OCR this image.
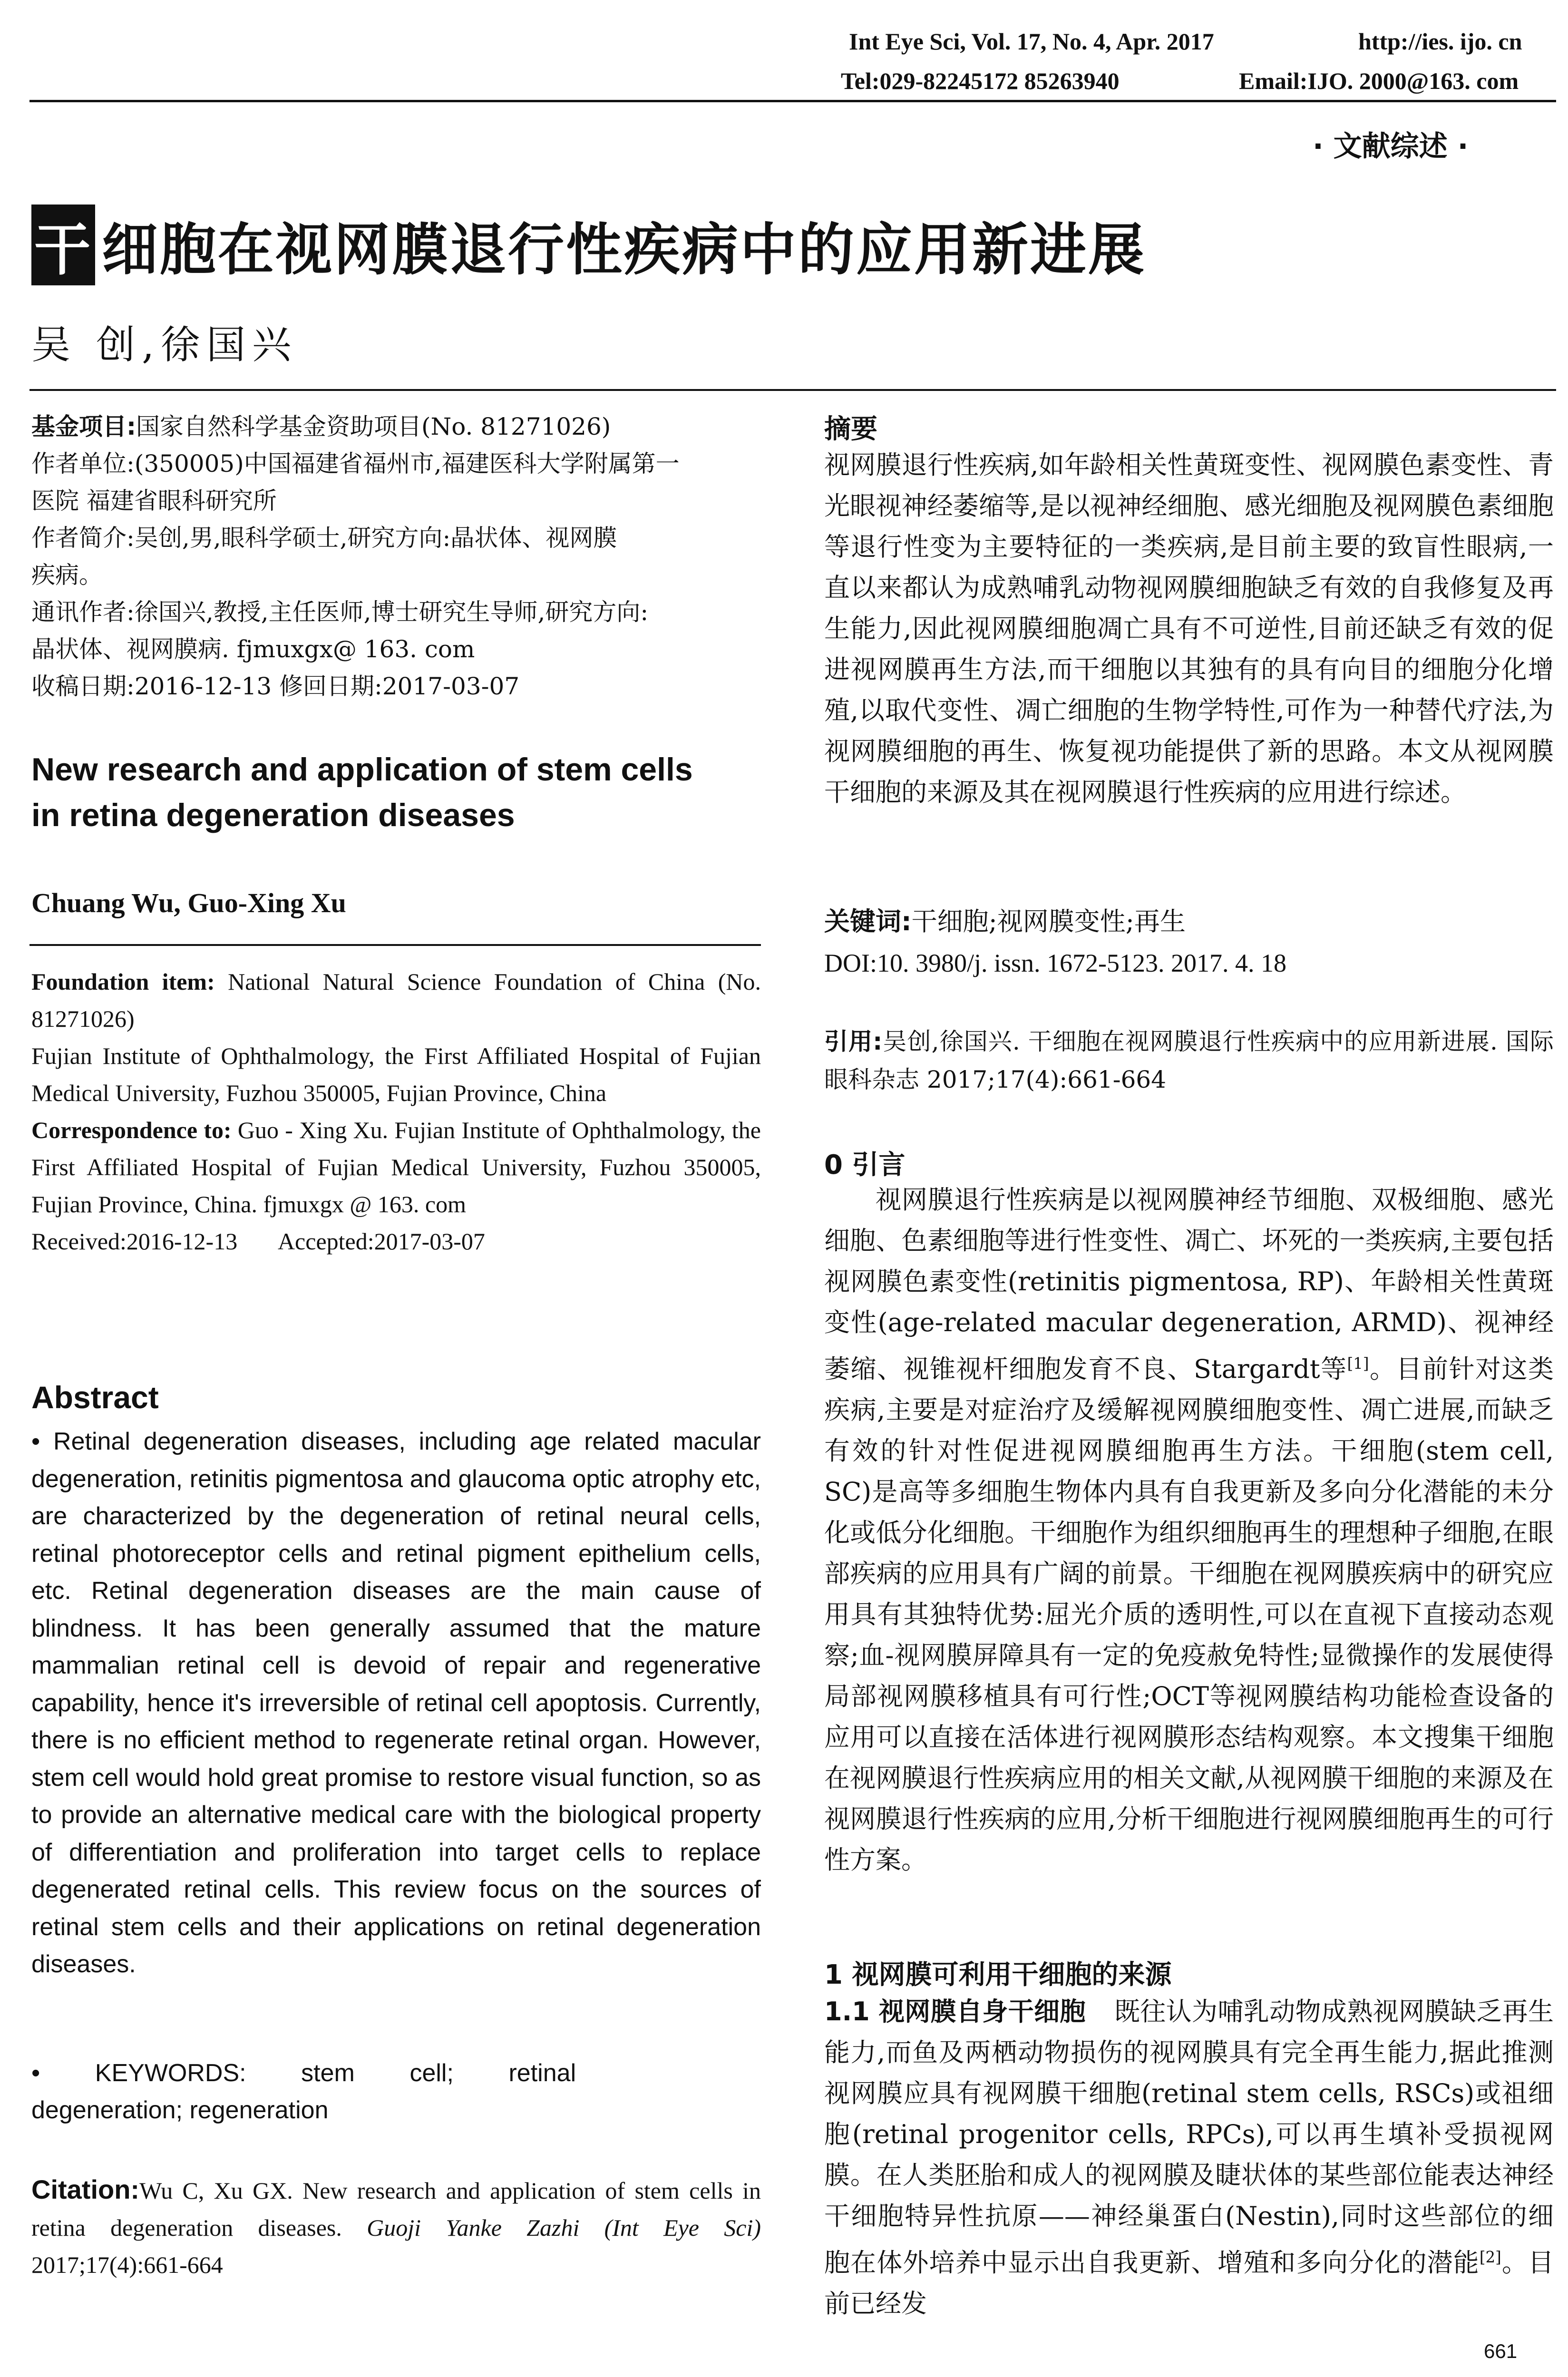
Int Eye Sci, Vol. 17, No. 4, Apr. 2017	http://ies. ijo. cn
Tel:029-82245172 85263940	Email:IJO. 2000@163. com
· 文献综述 ·
干 细胞在视网膜退行性疾病中的应用新进展
吴 创,徐国兴
基金项目:国家自然科学基金资助项目(No. 81271026)
作者单位:(350005)中国福建省福州市,福建医科大学附属第一
医院 福建省眼科研究所
作者简介:吴创,男,眼科学硕士,研究方向:晶状体、视网膜
疾病。
通讯作者:徐国兴,教授,主任医师,博士研究生导师,研究方向:
晶状体、视网膜病. fjmuxgx@ 163. com
收稿日期:2016-12-13 修回日期:2017-03-07
New research and application of stem cells
in retina degeneration diseases
Chuang Wu, Guo-Xing Xu
Foundation item: National Natural Science Foundation of China (No. 81271026)
Fujian Institute of Ophthalmology, the First Affiliated Hospital of Fujian Medical University, Fuzhou 350005, Fujian Province, China
Correspondence to: Guo - Xing Xu. Fujian Institute of Ophthalmology, the First Affiliated Hospital of Fujian Medical University, Fuzhou 350005, Fujian Province, China. fjmuxgx @ 163. com
Received:2016-12-13       Accepted:2017-03-07
Abstract
• Retinal degeneration diseases, including age related macular degeneration, retinitis pigmentosa and glaucoma optic atrophy etc, are characterized by the degeneration of retinal neural cells, retinal photoreceptor cells and retinal pigment epithelium cells, etc. Retinal degeneration diseases are the main cause of blindness. It has been generally assumed that the mature mammalian retinal cell is devoid of repair and regenerative capability, hence it's irreversible of retinal cell apoptosis. Currently, there is no efficient method to regenerate retinal organ. However, stem cell would hold great promise to restore visual function, so as to provide an alternative medical care with the biological property of differentiation and proliferation into target cells to replace degenerated retinal cells. This review focus on the sources of retinal stem cells and their applications on retinal degeneration diseases.
•        KEYWORDS:        stem        cell;        retinal
degeneration; regeneration
Citation:Wu C, Xu GX. New research and application of stem cells in retina degeneration diseases. Guoji Yanke Zazhi (Int Eye Sci) 2017;17(4):661-664
摘要
视网膜退行性疾病,如年龄相关性黄斑变性、视网膜色素变性、青光眼视神经萎缩等,是以视神经细胞、感光细胞及视网膜色素细胞等退行性变为主要特征的一类疾病,是目前主要的致盲性眼病,一直以来都认为成熟哺乳动物视网膜细胞缺乏有效的自我修复及再生能力,因此视网膜细胞凋亡具有不可逆性,目前还缺乏有效的促进视网膜再生方法,而干细胞以其独有的具有向目的细胞分化增殖,以取代变性、凋亡细胞的生物学特性,可作为一种替代疗法,为视网膜细胞的再生、恢复视功能提供了新的思路。本文从视网膜干细胞的来源及其在视网膜退行性疾病的应用进行综述。
关键词:干细胞;视网膜变性;再生
DOI:10. 3980/j. issn. 1672-5123. 2017. 4. 18
引用:吴创,徐国兴. 干细胞在视网膜退行性疾病中的应用新进展. 国际眼科杂志 2017;17(4):661-664
0 引言
视网膜退行性疾病是以视网膜神经节细胞、双极细胞、感光细胞、色素细胞等进行性变性、凋亡、坏死的一类疾病,主要包括视网膜色素变性(retinitis pigmentosa, RP)、年龄相关性黄斑变性(age-related macular degeneration, ARMD)、视神经萎缩、视锥视杆细胞发育不良、Stargardt等[1]。目前针对这类疾病,主要是对症治疗及缓解视网膜细胞变性、凋亡进展,而缺乏有效的针对性促进视网膜细胞再生方法。干细胞(stem cell, SC)是高等多细胞生物体内具有自我更新及多向分化潜能的未分化或低分化细胞。干细胞作为组织细胞再生的理想种子细胞,在眼部疾病的应用具有广阔的前景。干细胞在视网膜疾病中的研究应用具有其独特优势:屈光介质的透明性,可以在直视下直接动态观察;血-视网膜屏障具有一定的免疫赦免特性;显微操作的发展使得局部视网膜移植具有可行性;OCT等视网膜结构功能检查设备的应用可以直接在活体进行视网膜形态结构观察。本文搜集干细胞在视网膜退行性疾病应用的相关文献,从视网膜干细胞的来源及在视网膜退行性疾病的应用,分析干细胞进行视网膜细胞再生的可行性方案。
1 视网膜可利用干细胞的来源
1.1 视网膜自身干细胞 既往认为哺乳动物成熟视网膜缺乏再生能力,而鱼及两栖动物损伤的视网膜具有完全再生能力,据此推测视网膜应具有视网膜干细胞(retinal stem cells, RSCs)或祖细胞(retinal progenitor cells, RPCs),可以再生填补受损视网膜。在人类胚胎和成人的视网膜及睫状体的某些部位能表达神经干细胞特异性抗原——神经巢蛋白(Nestin),同时这些部位的细胞在体外培养中显示出自我更新、增殖和多向分化的潜能[2]。目前已经发
661
